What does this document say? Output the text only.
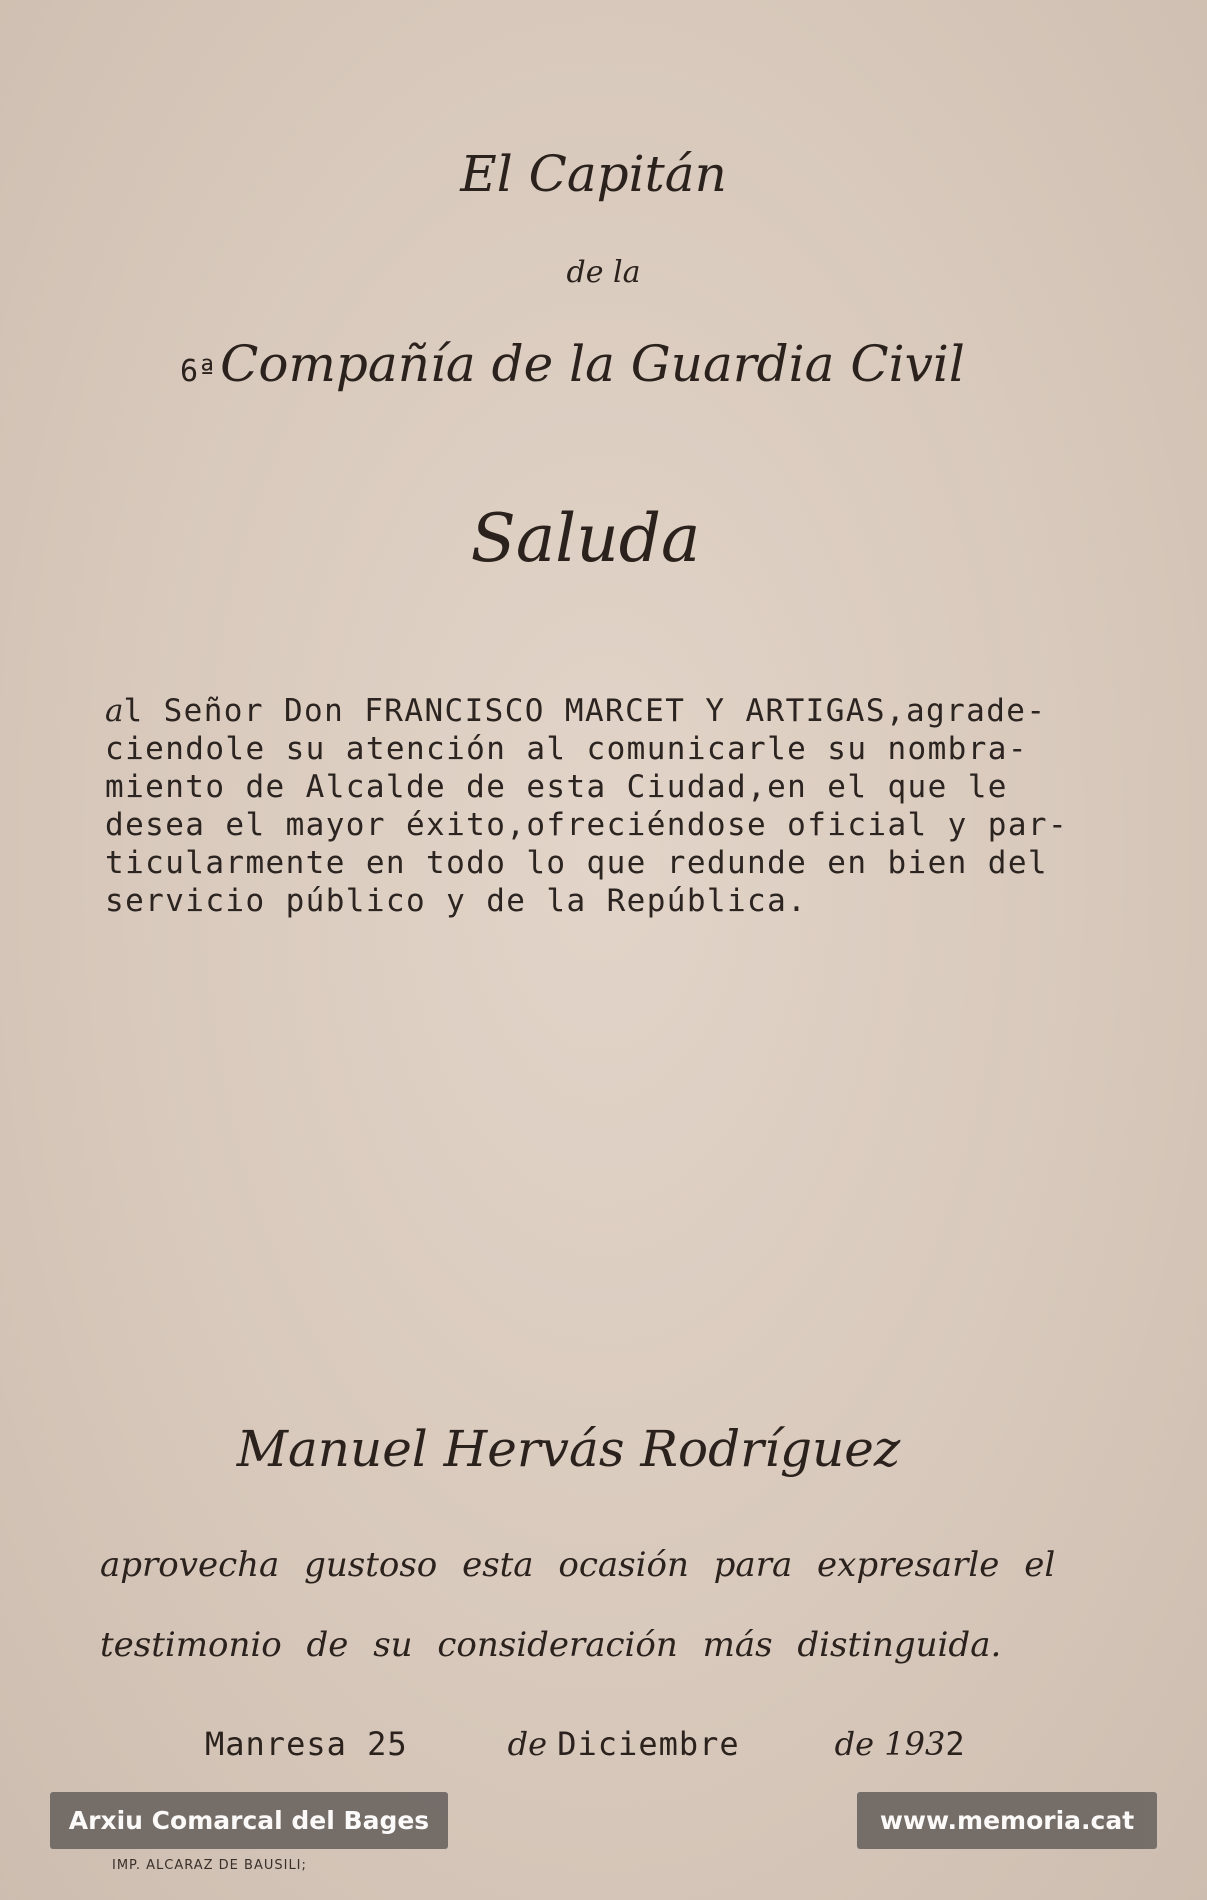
El Capitán
de la
6ªCompañía de la Guardia Civil
Saluda
al Señor Don FRANCISCO MARCET Y ARTIGAS,agrade-
ciendole su atención al comunicarle su nombra-
miento de Alcalde de esta Ciudad,en el que le
desea el mayor éxito,ofreciéndose oficial y par-
ticularmente en todo lo que redunde en bien del
servicio público y de la República.
Manuel Hervás Rodríguez
aprovecha gustoso esta ocasión para expresarle el
testimonio de su consideración más distinguida.
Manresa 25	de Diciembre	de 1932
Arxiu Comarcal del Bages	www.memoria.cat
IMP. ALCARAZ DE BAUSILI;
